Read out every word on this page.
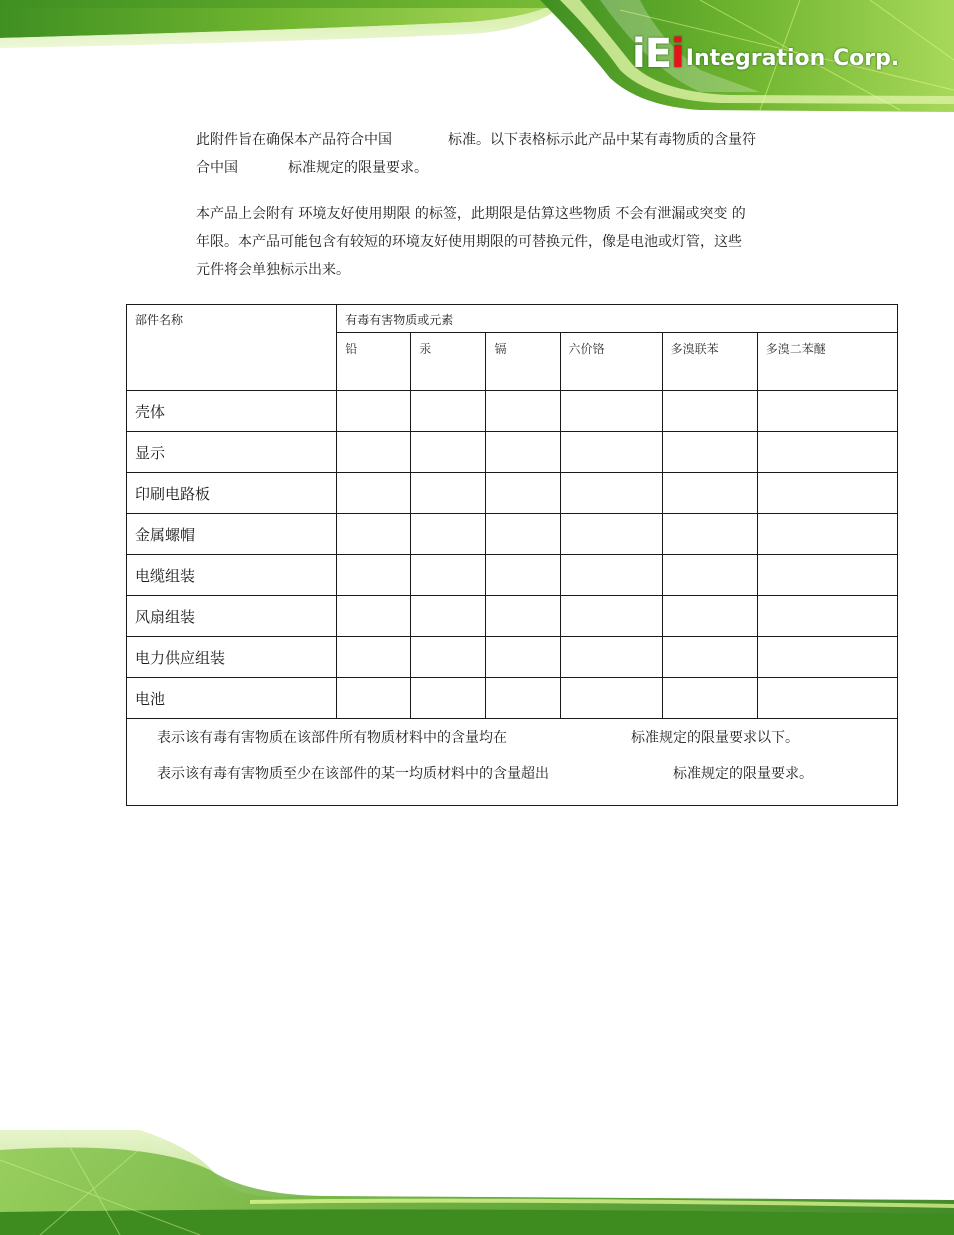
iEi Integration Corp.
此附件旨在确保本产品符合中国	标准。以下表格标示此产品中某有毒物质的含量符
合中国	标准规定的限量要求。
本产品上会附有 环境友好使用期限 的标签，此期限是估算这些物质 不会有泄漏或突变 的
年限。本产品可能包含有较短的环境友好使用期限的可替换元件，像是电池或灯管，这些
元件将会单独标示出来。
部件名称	有毒有害物质或元素					
	铅	汞	镉	六价铬	多溴联苯	多溴二苯醚
壳体						
显示						
印刷电路板						
金属螺帽						
电缆组装						
风扇组装						
电力供应组装						
电池						

表示该有毒有害物质在该部件所有物质材料中的含量均在 标准规定的限量要求以下。
表示该有毒有害物质至少在该部件的某一均质材料中的含量超出 标准规定的限量要求。						
